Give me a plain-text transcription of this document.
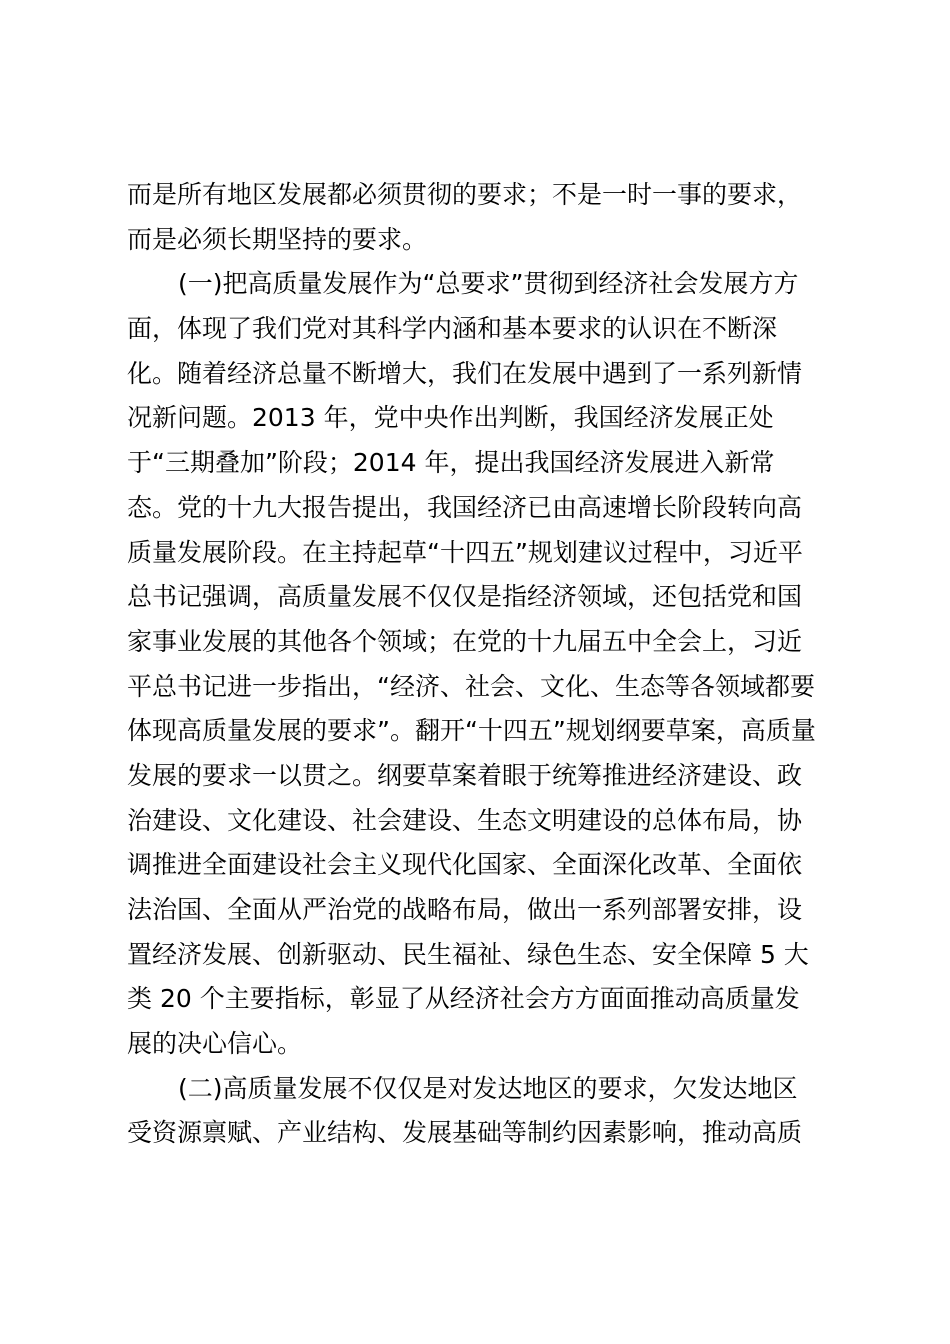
而是所有地区发展都必须贯彻的要求；不是一时一事的要求，
而是必须长期坚持的要求。
(一)把高质量发展作为“总要求”贯彻到经济社会发展方方
面，体现了我们党对其科学内涵和基本要求的认识在不断深
化。随着经济总量不断增大，我们在发展中遇到了一系列新情
况新问题。2013 年，党中央作出判断，我国经济发展正处
于“三期叠加”阶段；2014 年，提出我国经济发展进入新常
态。党的十九大报告提出，我国经济已由高速增长阶段转向高
质量发展阶段。在主持起草“十四五”规划建议过程中，习近平
总书记强调，高质量发展不仅仅是指经济领域，还包括党和国
家事业发展的其他各个领域；在党的十九届五中全会上，习近
平总书记进一步指出，“经济、社会、文化、生态等各领域都要
体现高质量发展的要求”。翻开“十四五”规划纲要草案，高质量
发展的要求一以贯之。纲要草案着眼于统筹推进经济建设、政
治建设、文化建设、社会建设、生态文明建设的总体布局，协
调推进全面建设社会主义现代化国家、全面深化改革、全面依
法治国、全面从严治党的战略布局，做出一系列部署安排，设
置经济发展、创新驱动、民生福祉、绿色生态、安全保障 5 大
类 20 个主要指标，彰显了从经济社会方方面面推动高质量发
展的决心信心。
(二)高质量发展不仅仅是对发达地区的要求，欠发达地区
受资源禀赋、产业结构、发展基础等制约因素影响，推动高质
